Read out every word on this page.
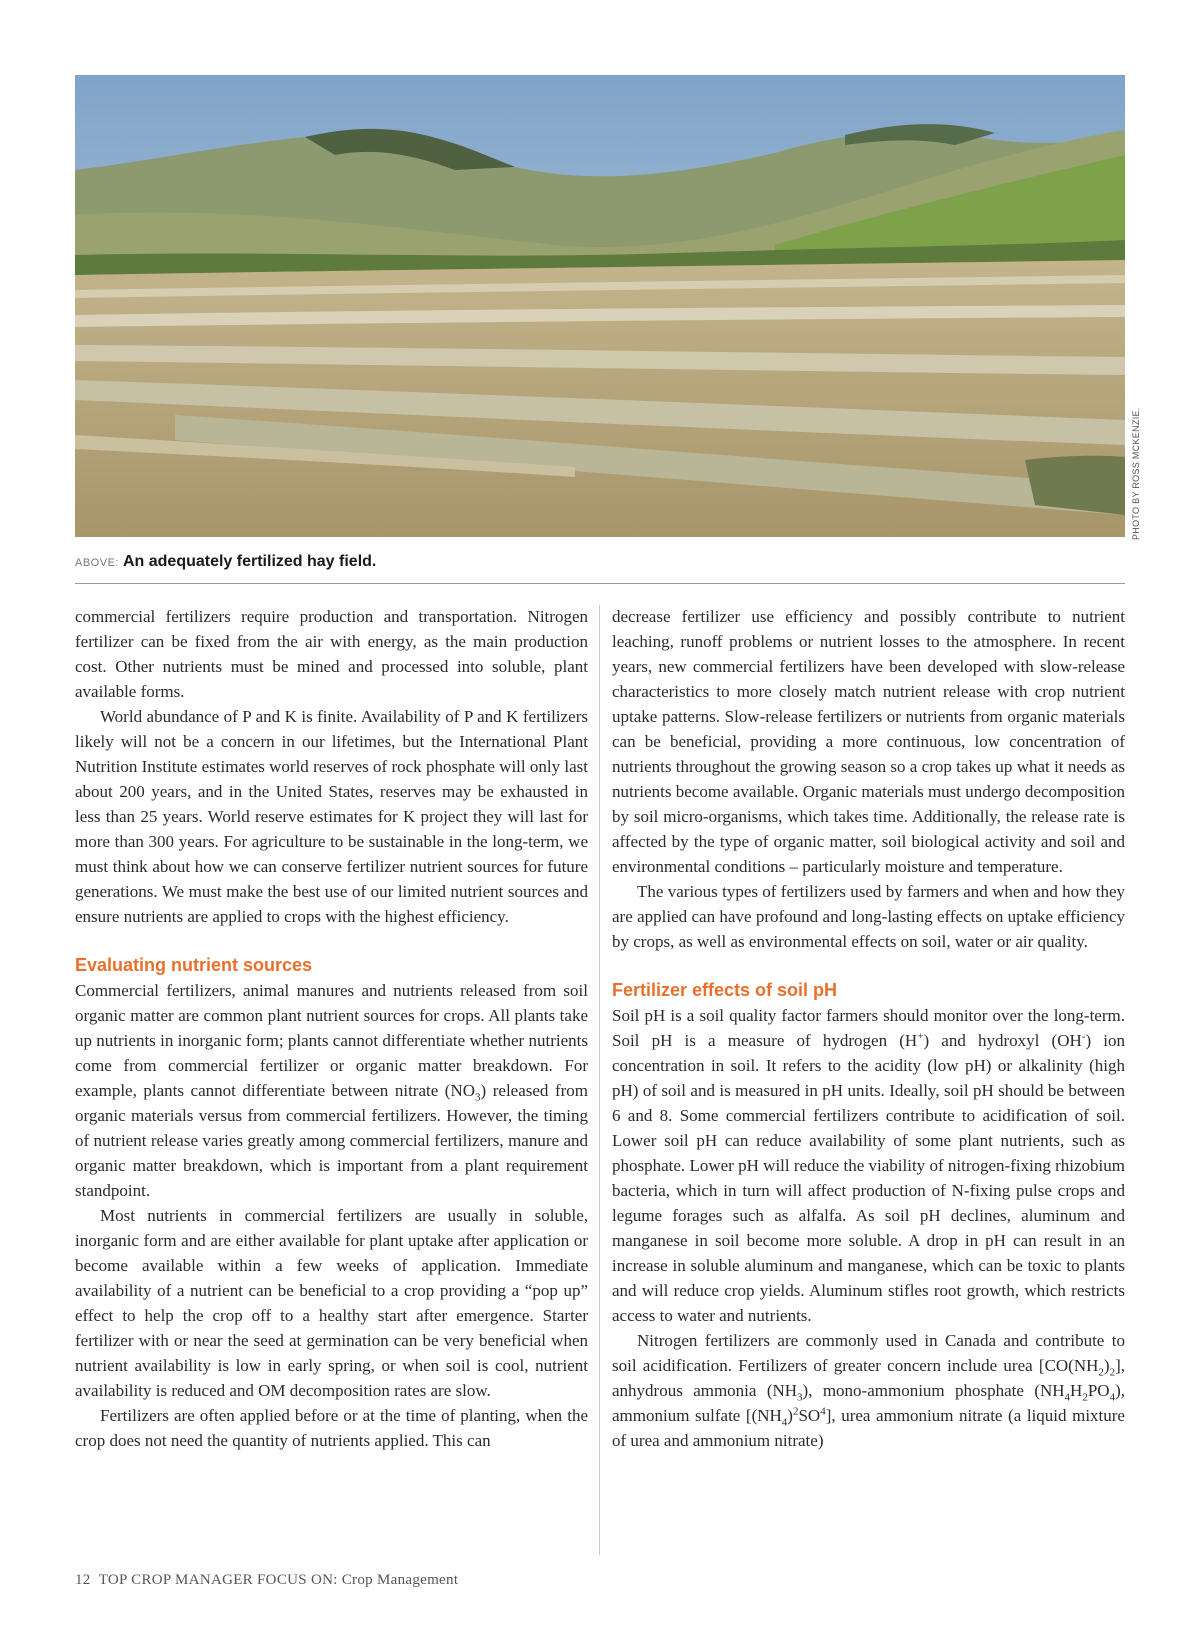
PHOTO BY ROSS MCKENZIE.
ABOVE: An adequately fertilized hay field.

commercial fertilizers require production and transportation. Nitrogen fertilizer can be fixed from the air with energy, as the main production cost. Other nutrients must be mined and processed into soluble, plant available forms.

World abundance of P and K is finite. Availability of P and K fertilizers likely will not be a concern in our lifetimes, but the International Plant Nutrition Institute estimates world reserves of rock phosphate will only last about 200 years, and in the United States, reserves may be exhausted in less than 25 years. World reserve estimates for K project they will last for more than 300 years. For agriculture to be sustainable in the long-term, we must think about how we can conserve fertilizer nutrient sources for future generations. We must make the best use of our limited nutrient sources and ensure nutrients are applied to crops with the highest efficiency.

Evaluating nutrient sources

Commercial fertilizers, animal manures and nutrients released from soil organic matter are common plant nutrient sources for crops. All plants take up nutrients in inorganic form; plants cannot differentiate whether nutrients come from commercial fertilizer or organic matter breakdown. For example, plants cannot differentiate between nitrate $(NO_3)$ released from organic materials versus from commercial fertilizers. However, the timing of nutrient release varies greatly among commercial fertilizers, manure and organic matter breakdown, which is important from a plant requirement standpoint.

Most nutrients in commercial fertilizers are usually in soluble, inorganic form and are either available for plant uptake after application or become available within a few weeks of application. Immediate availability of a nutrient can be beneficial to a crop providing a “pop up” effect to help the crop off to a healthy start after emergence. Starter fertilizer with or near the seed at germination can be very beneficial when nutrient availability is low in early spring, or when soil is cool, nutrient availability is reduced and OM decomposition rates are slow.

Fertilizers are often applied before or at the time of planting, when the crop does not need the quantity of nutrients applied. This can

decrease fertilizer use efficiency and possibly contribute to nutrient leaching, runoff problems or nutrient losses to the atmosphere. In recent years, new commercial fertilizers have been developed with slow-release characteristics to more closely match nutrient release with crop nutrient uptake patterns. Slow-release fertilizers or nutrients from organic materials can be beneficial, providing a more continuous, low concentration of nutrients throughout the growing season so a crop takes up what it needs as nutrients become available. Organic materials must undergo decomposition by soil micro-organisms, which takes time. Additionally, the release rate is affected by the type of organic matter, soil biological activity and soil and environmental conditions – particularly moisture and temperature.

The various types of fertilizers used by farmers and when and how they are applied can have profound and long-lasting effects on uptake efficiency by crops, as well as environmental effects on soil, water or air quality.

Fertilizer effects of soil pH

Soil pH is a soil quality factor farmers should monitor over the long-term. Soil pH is a measure of hydrogen (H+) and hydroxyl (OH-) ion concentration in soil. It refers to the acidity (low pH) or alkalinity (high pH) of soil and is measured in pH units. Ideally, soil pH should be between 6 and 8. Some commercial fertilizers contribute to acidification of soil. Lower soil pH can reduce availability of some plant nutrients, such as phosphate. Lower pH will reduce the viability of nitrogen-fixing rhizobium bacteria, which in turn will affect production of N-fixing pulse crops and legume forages such as alfalfa. As soil pH declines, aluminum and manganese in soil become more soluble. A drop in pH can result in an increase in soluble aluminum and manganese, which can be toxic to plants and will reduce crop yields. Aluminum stifles root growth, which restricts access to water and nutrients.

Nitrogen fertilizers are commonly used in Canada and contribute to soil acidification. Fertilizers of greater concern include urea $[CO(NH_2)_2]$, anhydrous ammonia $(NH_3)$, mono-ammonium phosphate $(NH_4H_2PO_4)$, ammonium sulfate $[(NH_4)^2SO^4]$, urea ammonium nitrate (a liquid mixture of urea and ammonium nitrate)

12 TOP CROP MANAGER FOCUS ON: Crop Management
